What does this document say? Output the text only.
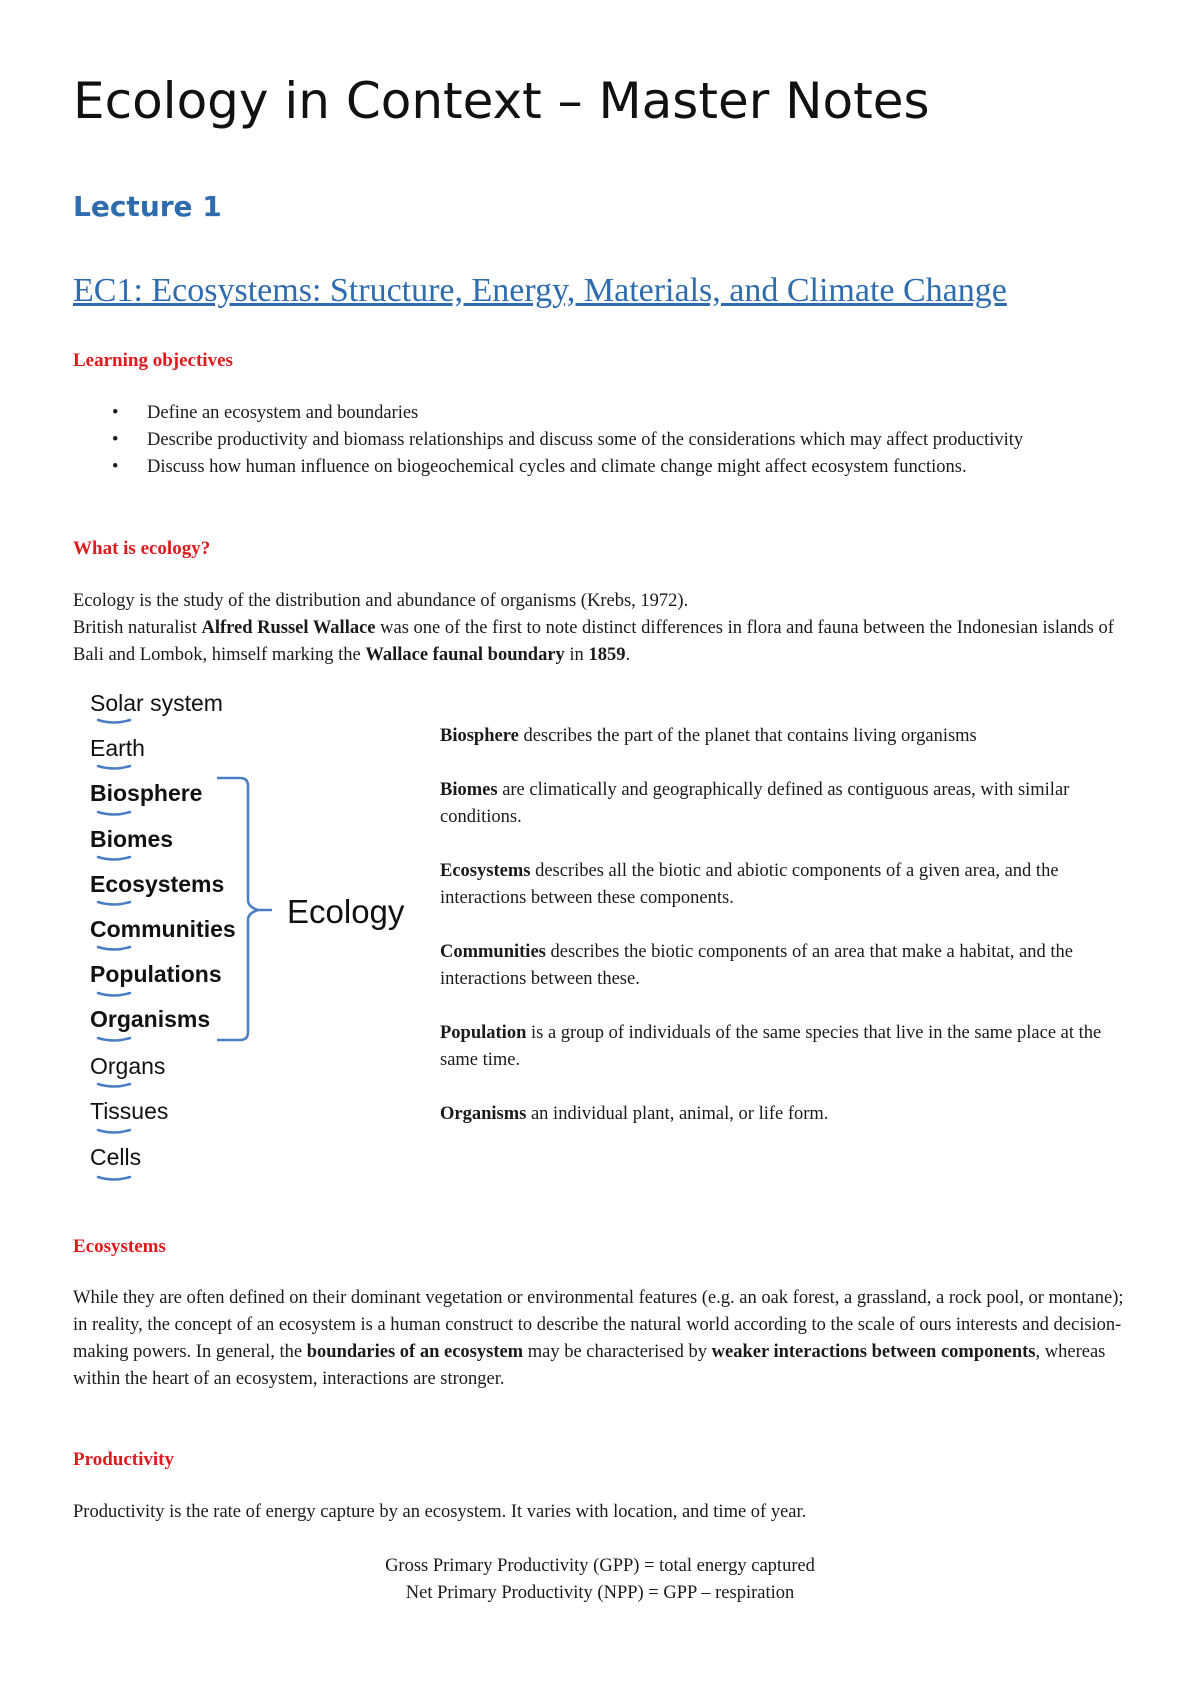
Ecology in Context – Master Notes
Lecture 1
EC1: Ecosystems: Structure, Energy, Materials, and Climate Change
Learning objectives
• Define an ecosystem and boundaries
• Describe productivity and biomass relationships and discuss some of the considerations which may affect productivity
• Discuss how human influence on biogeochemical cycles and climate change might affect ecosystem functions.
What is ecology?
Ecology is the study of the distribution and abundance of organisms (Krebs, 1972).
British naturalist Alfred Russel Wallace was one of the first to note distinct differences in flora and fauna between the Indonesian islands of Bali and Lombok, himself marking the Wallace faunal boundary in 1859.
Solar system
Earth
Biosphere
Biomes
Ecosystems
Communities
Populations
Organisms
Organs
Tissues
Cells
Ecology

Biosphere describes the part of the planet that contains living organisms

Biomes are climatically and geographically defined as contiguous areas, with similar conditions.

Ecosystems describes all the biotic and abiotic components of a given area, and the interactions between these components.

Communities describes the biotic components of an area that make a habitat, and the interactions between these.

Population is a group of individuals of the same species that live in the same place at the same time.

Organisms an individual plant, animal, or life form.

Ecosystems
While they are often defined on their dominant vegetation or environmental features (e.g. an oak forest, a grassland, a rock pool, or montane); in reality, the concept of an ecosystem is a human construct to describe the natural world according to the scale of ours interests and decision-making powers. In general, the boundaries of an ecosystem may be characterised by weaker interactions between components, whereas within the heart of an ecosystem, interactions are stronger.
Productivity
Productivity is the rate of energy capture by an ecosystem. It varies with location, and time of year.
Gross Primary Productivity (GPP) = total energy captured
Net Primary Productivity (NPP) = GPP – respiration
